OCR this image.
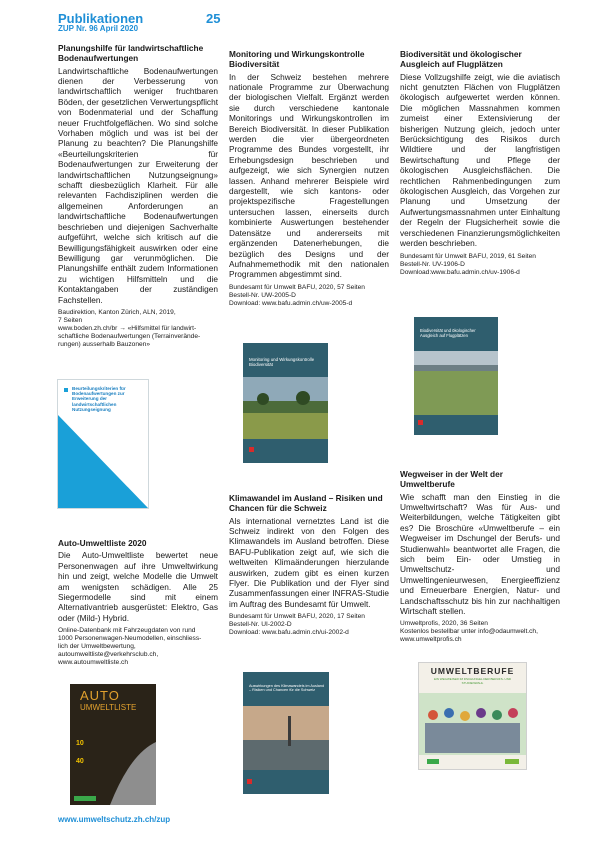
Publikationen
ZUP Nr. 96 April 2020
25
Planungshilfe für landwirtschaftliche Bodenaufwertungen

Landwirtschaftliche Bodenaufwertungen dienen der Verbesserung von landwirtschaftlich weniger fruchtbaren Böden, der gesetzlichen Verwertungspflicht von Bodenmaterial und der Schaffung neuer Fruchtfolgeflächen. Wo sind solche Vorhaben möglich und was ist bei der Planung zu beachten? Die Planungshilfe «Beurteilungskriterien für Bodenaufwertungen zur Erweiterung der landwirtschaftlichen Nutzungseignung» schafft diesbezüglich Klarheit. Für alle relevanten Fachdisziplinen werden die allgemeinen Anforderungen an landwirtschaftliche Bodenaufwertungen beschrieben und diejenigen Sachverhalte aufgeführt, welche sich kritisch auf die Bewilligungsfähigkeit auswirken oder eine Bewilligung gar verunmöglichen. Die Planungshilfe enthält zudem Informationen zu wichtigen Hilfsmitteln und die Kontaktangaben der zuständigen Fachstellen.

Baudirektion, Kanton Zürich, ALN, 2019,
7 Seiten
www.boden.zh.ch/br → «Hilfsmittel für landwirt-
schaftliche Bodenaufwertungen (Terrainverände-
rungen) ausserhalb Bauzonen»
Beurteilungskriterien für Bodenaufwertungen zur Erweiterung der landwirtschaftlichen Nutzungseignung
Monitoring und Wirkungskontrolle Biodiversität

In der Schweiz bestehen mehrere nationale Programme zur Überwachung der biologischen Vielfalt. Ergänzt werden sie durch verschiedene kantonale Monitorings und Wirkungskontrollen im Bereich Biodiversität. In dieser Publikation werden die vier übergeordneten Programme des Bundes vorgestellt, ihr Erhebungsdesign beschrieben und aufgezeigt, wie sich Synergien nutzen lassen. Anhand mehrerer Beispiele wird dargestellt, wie sich kantons- oder projektspezifische Fragestellungen untersuchen lassen, einerseits durch kombinierte Auswertungen bestehender Datensätze und andererseits mit ergänzenden Datenerhebungen, die bezüglich des Designs und der Aufnahmemethodik mit den nationalen Programmen abgestimmt sind.

Bundesamt für Umwelt BAFU, 2020, 57 Seiten
Bestell-Nr. UW-2005-D
Download: www.bafu.admin.ch/uw-2005-d
Monitoring und Wirkungskontrolle Biodiversität
Biodiversität und ökologischer Ausgleich auf Flugplätzen

Diese Vollzugshilfe zeigt, wie die aviatisch nicht genutzten Flächen von Flugplätzen ökologisch aufgewertet werden können. Die möglichen Massnahmen kommen zumeist einer Extensivierung der bisherigen Nutzung gleich, jedoch unter Berücksichtigung des Risikos durch Wildtiere und der langfristigen Bewirtschaftung und Pflege der ökologischen Ausgleichsflächen. Die rechtlichen Rahmenbedingungen zum ökologischen Ausgleich, das Vorgehen zur Planung und Umsetzung der Aufwertungsmassnahmen unter Einhaltung der Regeln der Flugsicherheit sowie die verschiedenen Finanzierungsmöglichkeiten werden beschrieben.

Bundesamt für Umwelt BAFU, 2019, 61 Seiten
Bestell-Nr. UV-1906-D
Download:www.bafu.admin.ch/uv-1906-d
Biodiversität und ökologischer Ausgleich auf Flugplätzen
Auto-Umweltliste 2020

Die Auto-Umweltliste bewertet neue Personenwagen auf ihre Umweltwirkung hin und zeigt, welche Modelle die Umwelt am wenigsten schädigen. Alle 25 Siegermodelle sind mit einem Alternativantrieb ausgerüstet: Elektro, Gas oder (Mild-) Hybrid.

Online-Datenbank mit Fahrzeugdaten von rund
1000 Personenwagen-Neumodellen, einschliess-
lich der Umweltbewertung,
autoumweltliste@verkehrsclub.ch,
www.autoumweltliste.ch
AUTO
UMWELTLISTE
10
40
Klimawandel im Ausland – Risiken und Chancen für die Schweiz

Als international vernetztes Land ist die Schweiz indirekt von den Folgen des Klimawandels im Ausland betroffen. Diese BAFU-Publikation zeigt auf, wie sich die weltweiten Klimaänderungen hierzulande auswirken, zudem gibt es einen kurzen Flyer. Die Publikation und der Flyer sind Zusammenfassungen einer INFRAS-Studie im Auftrag des Bundesamt für Umwelt.

Bundesamt für Umwelt BAFU, 2020, 17 Seiten
Bestell-Nr. UI-2002-D
Download: www.bafu.admin.ch/ui-2002-d
Auswirkungen des Klimawandels im Ausland – Risiken und Chancen für die Schweiz
Wegweiser in der Welt der Umweltberufe

Wie schafft man den Einstieg in die Umweltwirtschaft? Was für Aus- und Weiterbildungen, welche Tätigkeiten gibt es? Die Broschüre «Umweltberufe – ein Wegweiser im Dschungel der Berufs- und Studienwahl» beantwortet alle Fragen, die sich beim Ein- oder Umstieg in Umweltschutz- und Umweltingenieurwesen, Energieeffizienz und Erneuerbare Energien, Natur- und Landschaftsschutz bis hin zur nachhaltigen Wirtschaft stellen.

Umweltprofis, 2020, 36 Seiten
Kostenlos bestellbar unter info@odaumwelt.ch,
www.umweltprofis.ch
UMWELTBERUFE
EIN WEGWEISER IM DSCHUNGEL DER BERUFS- UND STUDIENWAHL
www.umweltschutz.zh.ch/zup
